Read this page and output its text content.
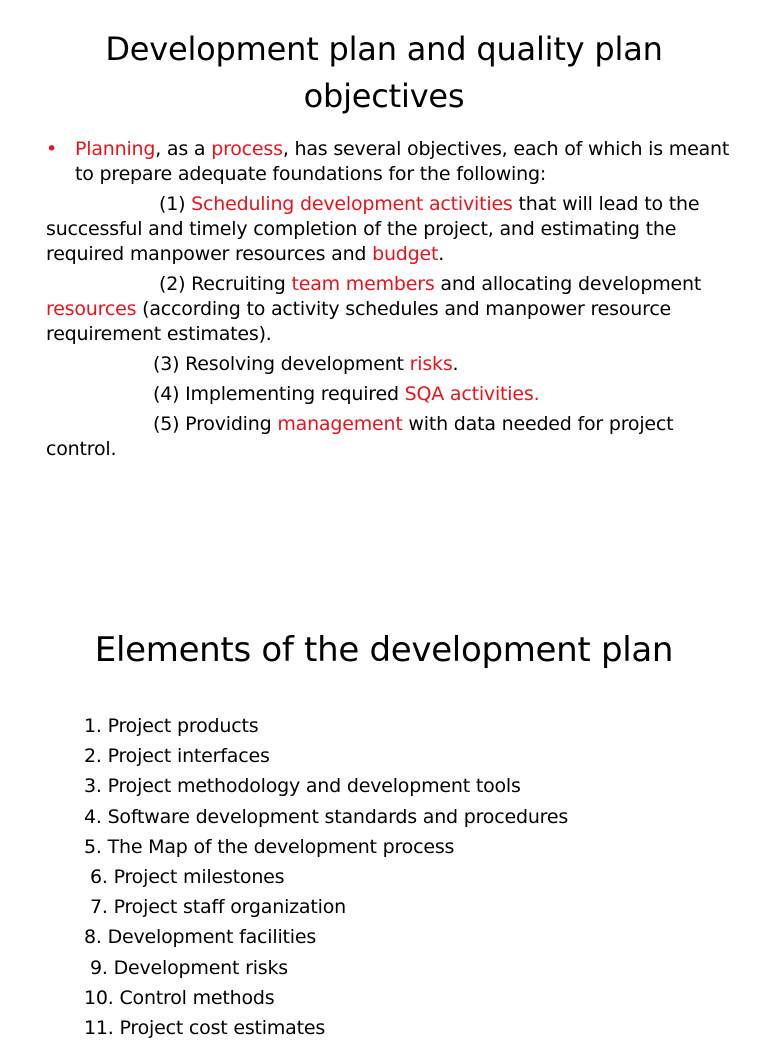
Development plan and quality plan
objectives

• Planning, as a process, has several objectives, each of which is meant to prepare adequate foundations for the following:

(1) Scheduling development activities that will lead to the successful and timely completion of the project, and estimating the required manpower resources and budget.

(2) Recruiting team members and allocating development resources (according to activity schedules and manpower resource requirement estimates).

(3) Resolving development risks.

(4) Implementing required SQA activities.

(5) Providing management with data needed for project control.

Elements of the development plan
1. Project products
2. Project interfaces
3. Project methodology and development tools
4. Software development standards and procedures
5. The Map of the development process
6. Project milestones
7. Project staff organization
8. Development facilities
9. Development risks
10. Control methods
11. Project cost estimates
